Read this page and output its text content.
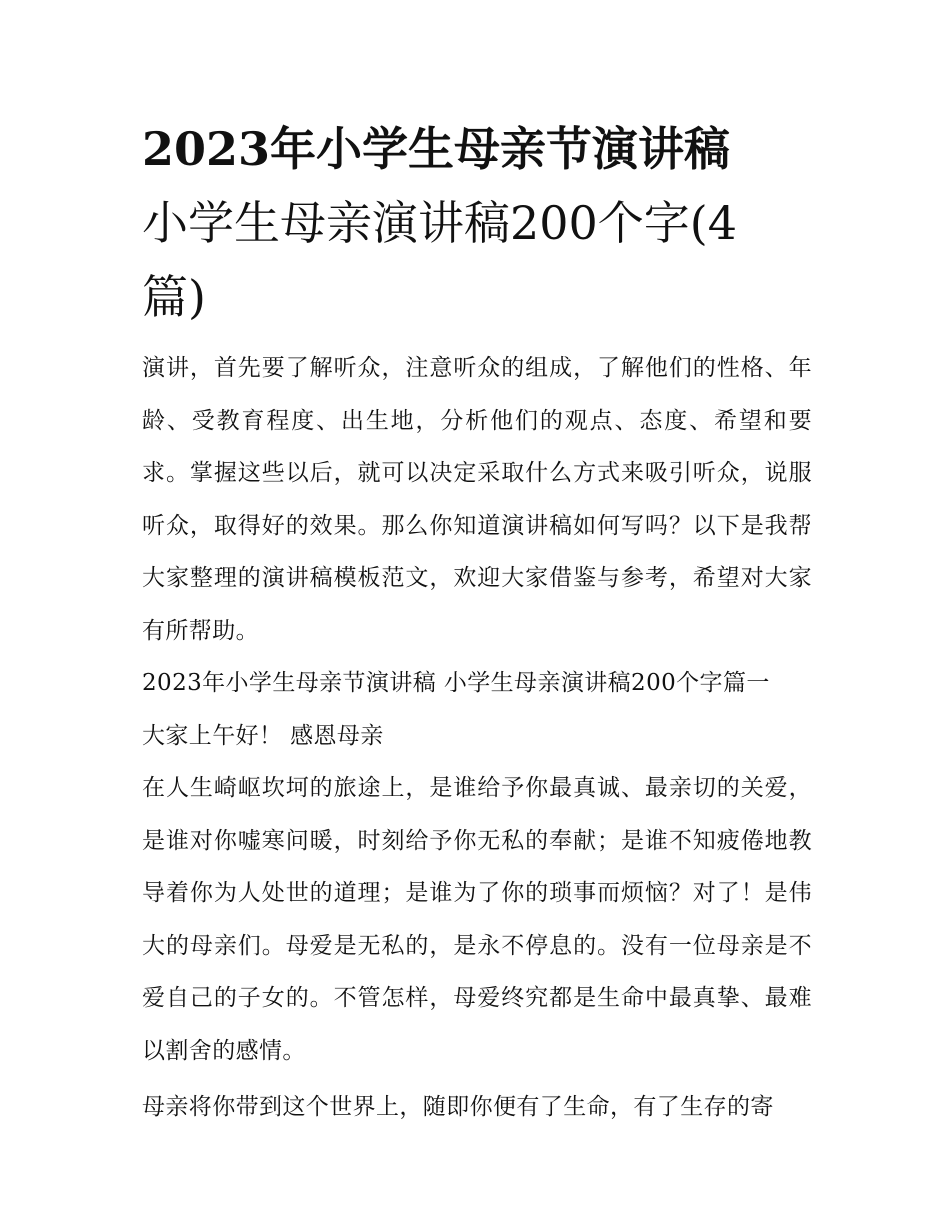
2023年小学生母亲节演讲稿
小学生母亲演讲稿200个字(4
篇)

演讲，首先要了解听众，注意听众的组成，了解他们的性格、年龄、受教育程度、出生地，分析他们的观点、态度、希望和要求。掌握这些以后，就可以决定采取什么方式来吸引听众，说服听众，取得好的效果。那么你知道演讲稿如何写吗？以下是我帮大家整理的演讲稿模板范文，欢迎大家借鉴与参考，希望对大家有所帮助。

2023年小学生母亲节演讲稿 小学生母亲演讲稿200个字篇一

大家上午好！ 感恩母亲

在人生崎岖坎坷的旅途上，是谁给予你最真诚、最亲切的关爱，是谁对你嘘寒问暖，时刻给予你无私的奉献；是谁不知疲倦地教导着你为人处世的道理；是谁为了你的琐事而烦恼？对了！是伟大的母亲们。母爱是无私的，是永不停息的。没有一位母亲是不爱自己的子女的。不管怎样，母爱终究都是生命中最真挚、最难以割舍的感情。

母亲将你带到这个世界上，随即你便有了生命，有了生存的寄
